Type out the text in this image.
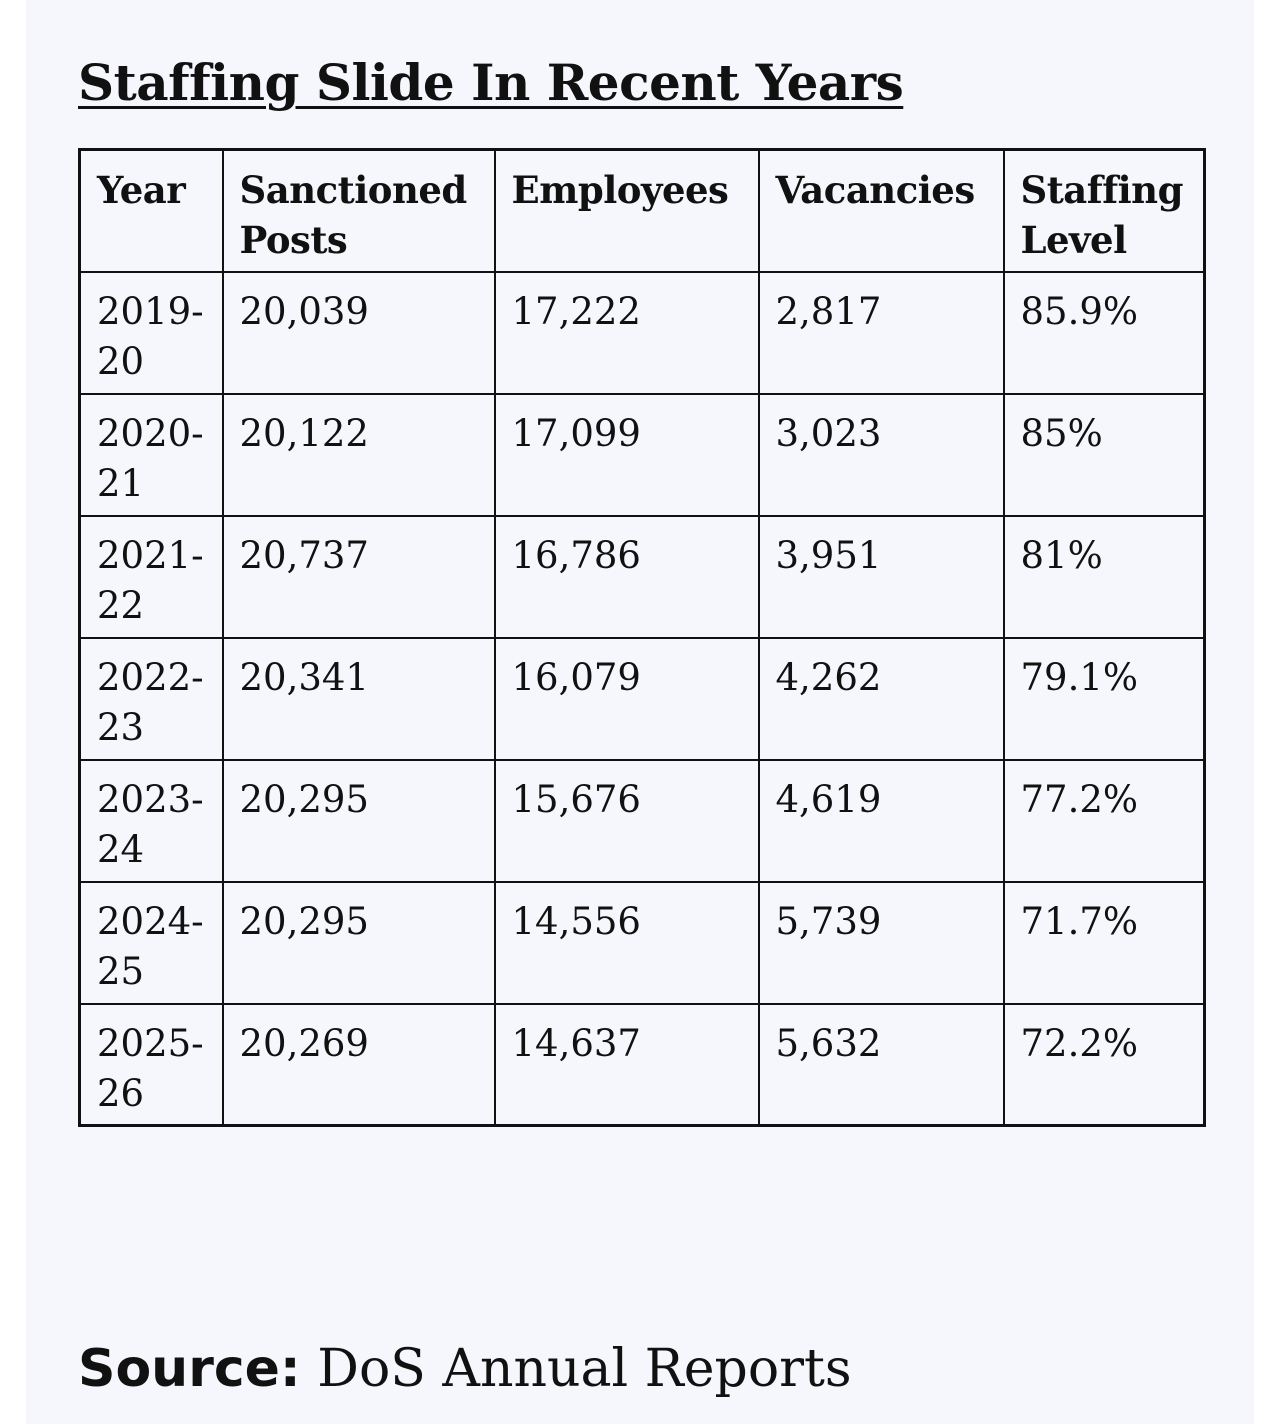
Staffing Slide In Recent Years
Year	Sanctioned Posts	Employees	Vacancies	Staffing Level
2019-20	20,039	17,222	2,817	85.9%
2020-21	20,122	17,099	3,023	85%
2021-22	20,737	16,786	3,951	81%
2022-23	20,341	16,079	4,262	79.1%
2023-24	20,295	15,676	4,619	77.2%
2024-25	20,295	14,556	5,739	71.7%
2025-26	20,269	14,637	5,632	72.2%

Source: DoS Annual Reports
